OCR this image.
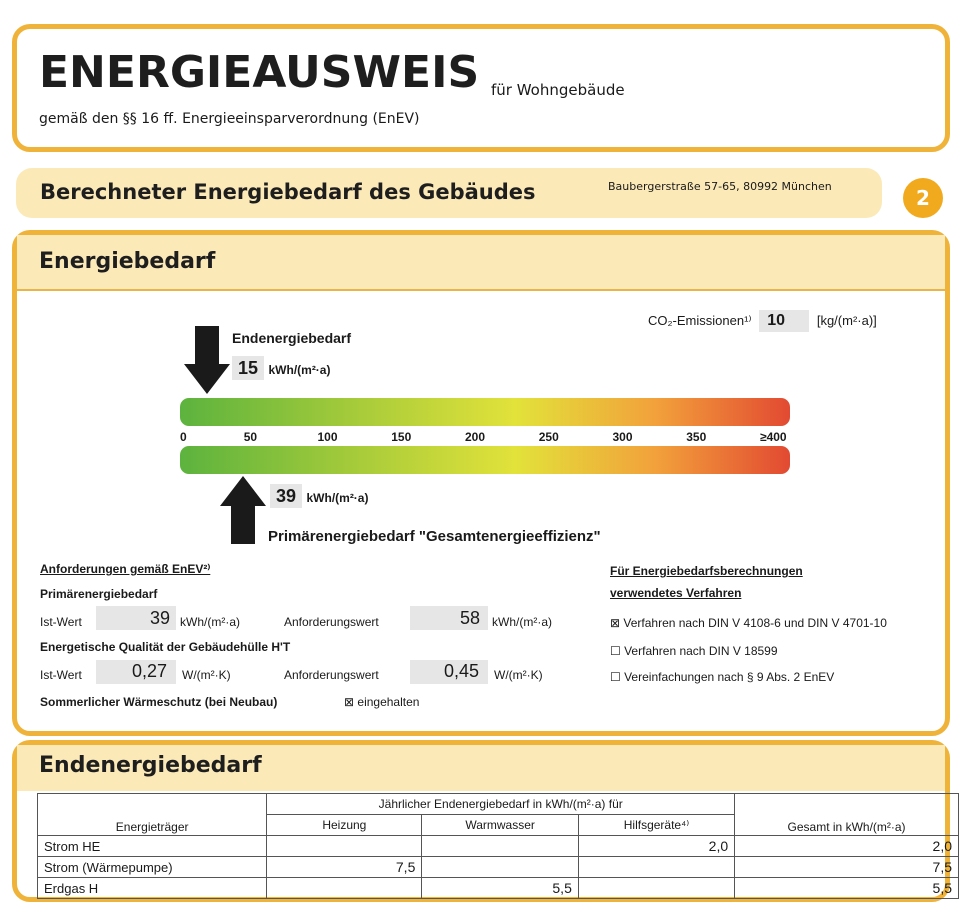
ENERGIEAUSWEIS für Wohngebäude
gemäß den §§ 16 ff. Energieeinsparverordnung (EnEV)
Berechneter Energiebedarf des Gebäudes	Baubergerstraße 57-65, 80992 München	2
Energiebedarf
CO₂-Emissionen¹⁾ 10 [kg/(m²·a)]
Endenergiebedarf
15 kWh/(m²·a)
0	50	100	150	200	250	300	350	≥400
39 kWh/(m²·a)
Primärenergiebedarf "Gesamtenergieeffizienz"
Anforderungen gemäß EnEV²⁾
Primärenergiebedarf
Ist-Wert	39 kWh/(m²·a)	Anforderungswert	58 kWh/(m²·a)
Energetische Qualität der Gebäudehülle H'T
Ist-Wert	0,27 W/(m²·K)	Anforderungswert	0,45 W/(m²·K)
Sommerlicher Wärmeschutz (bei Neubau)	⊠ eingehalten
Für Energiebedarfsberechnungen
verwendetes Verfahren
⊠ Verfahren nach DIN V 4108-6 und DIN V 4701-10
☐ Verfahren nach DIN V 18599
☐ Vereinfachungen nach § 9 Abs. 2 EnEV
Endenergiebedarf
Energieträger	Jährlicher Endenergiebedarf in kWh/(m²·a) für			Gesamt in kWh/(m²·a)
	Heizung	Warmwasser	Hilfsgeräte⁴⁾	
Strom HE			2,0	2,0
Strom (Wärmepumpe)	7,5			7,5
Erdgas H		5,5		5,5
